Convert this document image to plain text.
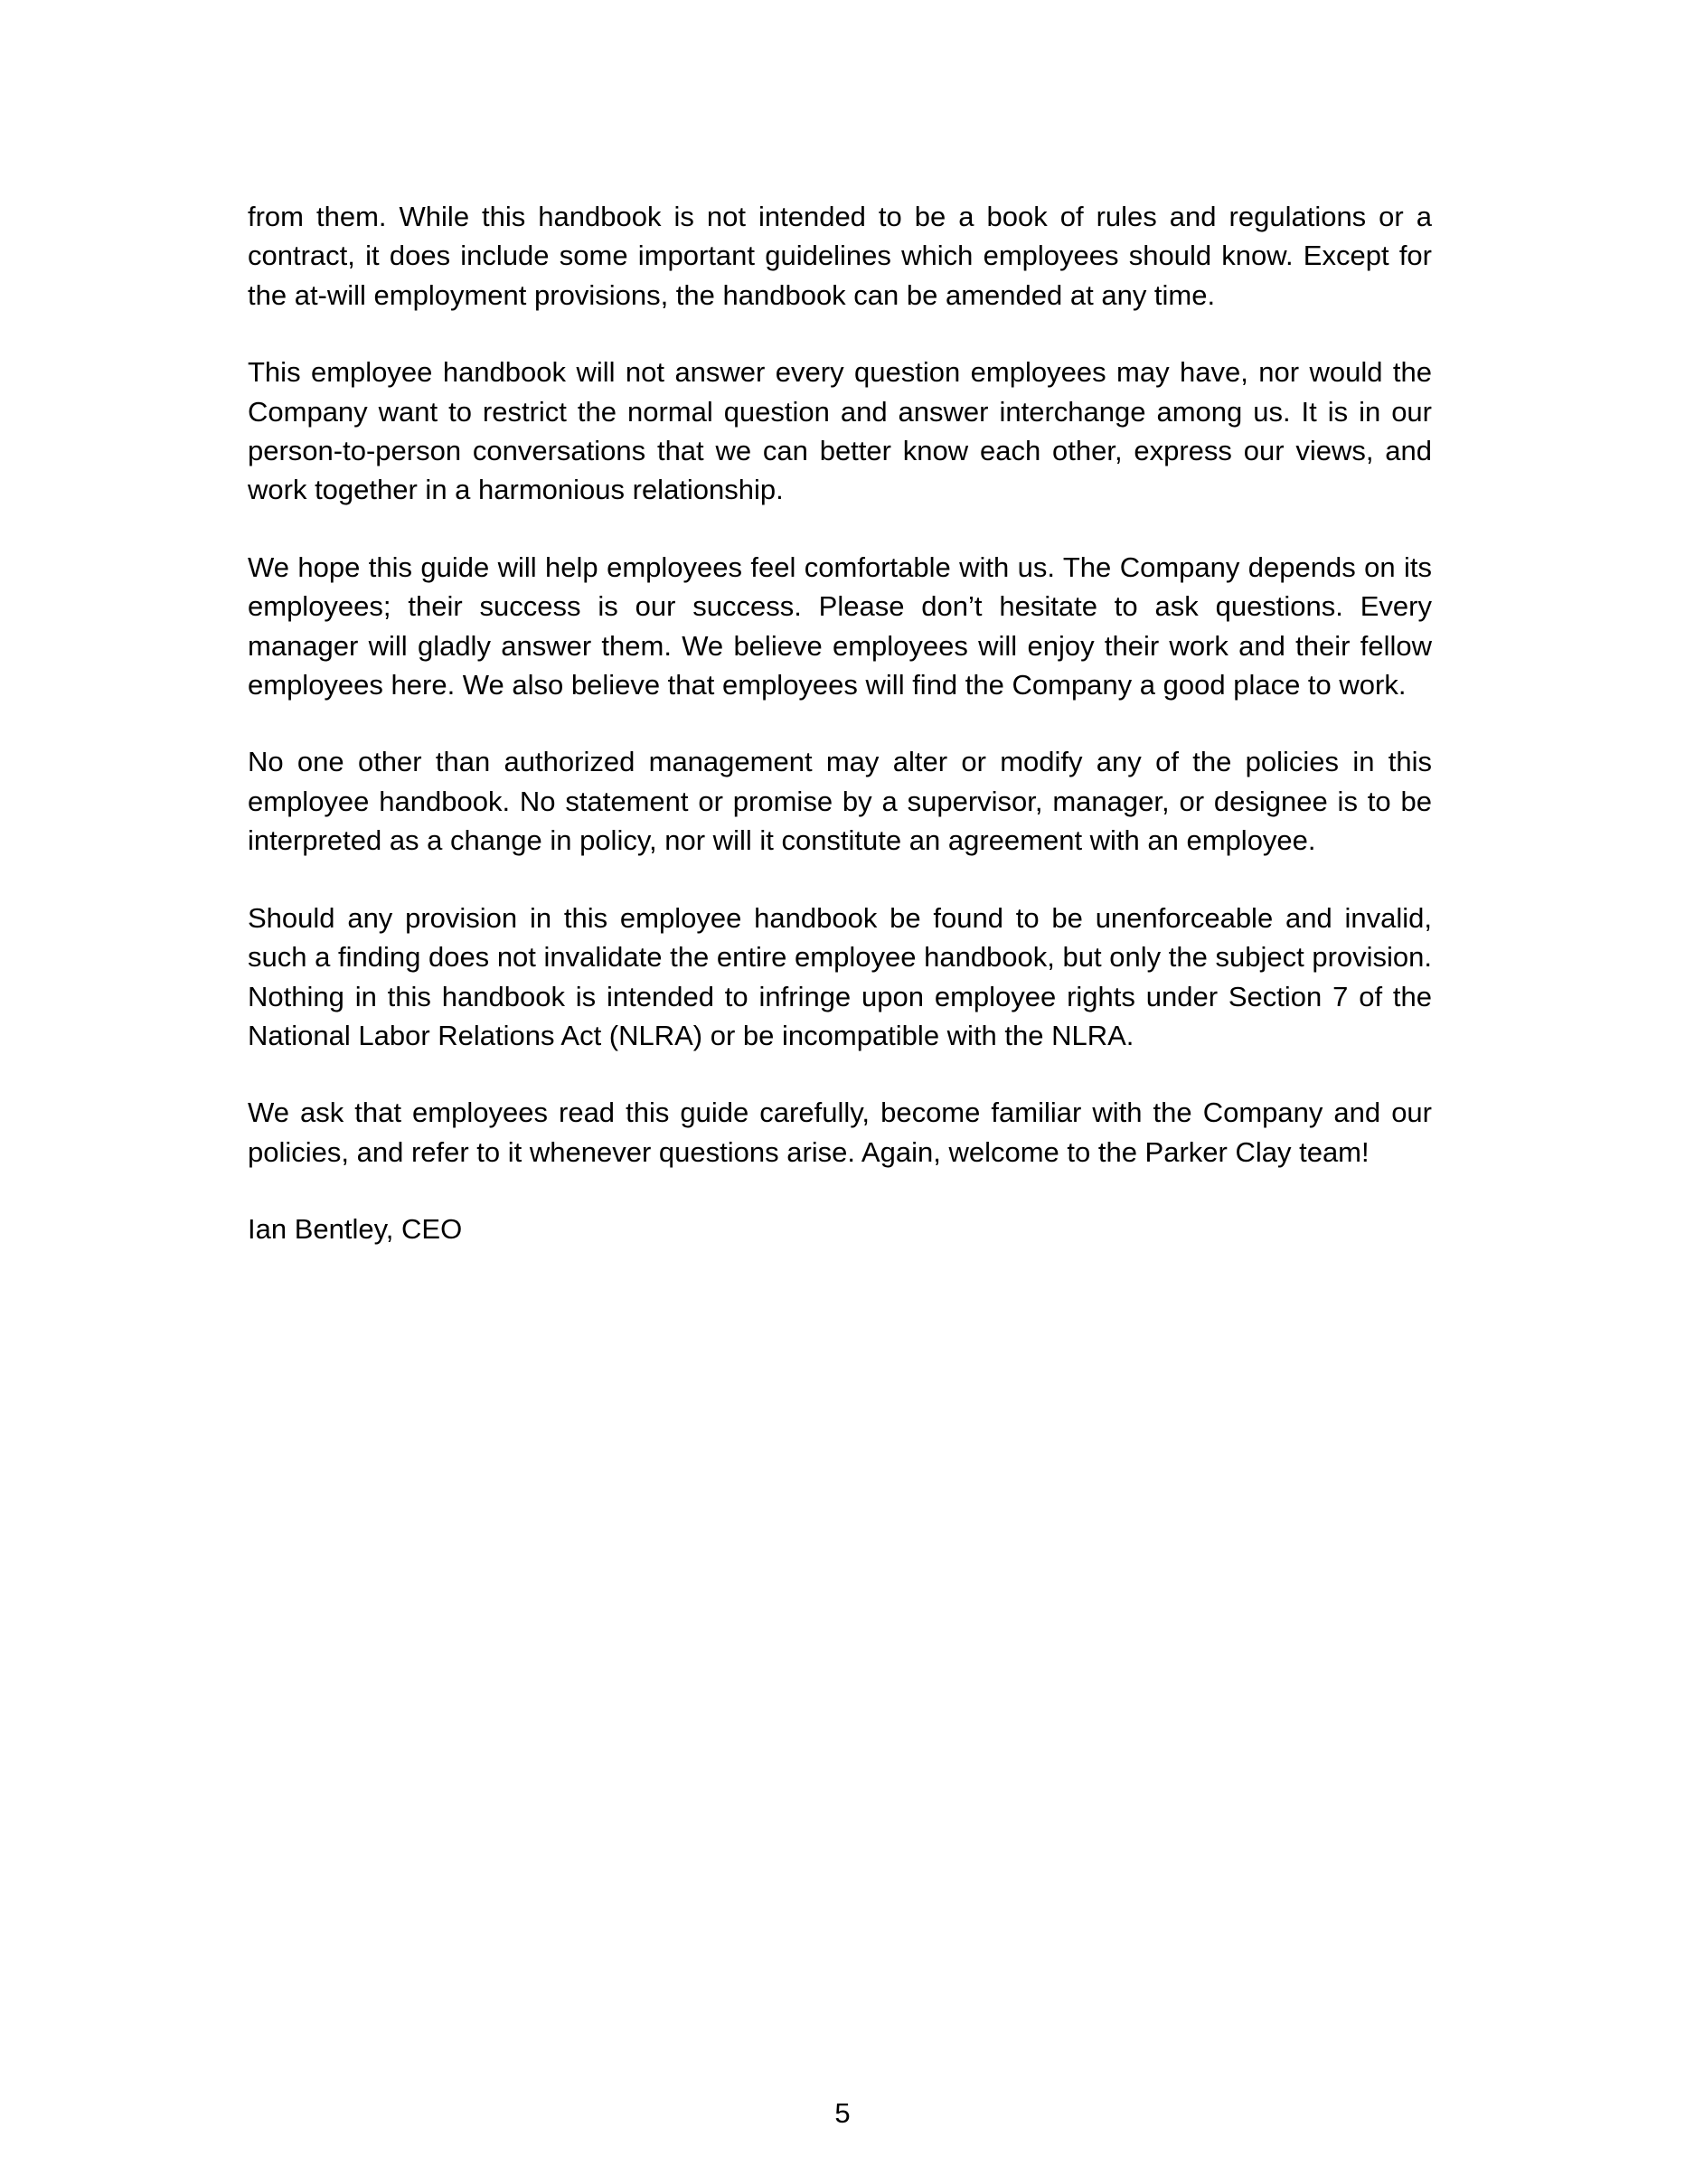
from them. While this handbook is not intended to be a book of rules and regulations or a contract, it does include some important guidelines which employees should know. Except for the at-will employment provisions, the handbook can be amended at any time.

This employee handbook will not answer every question employees may have, nor would the Company want to restrict the normal question and answer interchange among us. It is in our person-to-person conversations that we can better know each other, express our views, and work together in a harmonious relationship.

We hope this guide will help employees feel comfortable with us. The Company depends on its employees; their success is our success. Please don’t hesitate to ask questions. Every manager will gladly answer them. We believe employees will enjoy their work and their fellow employees here. We also believe that employees will find the Company a good place to work.

No one other than authorized management may alter or modify any of the policies in this employee handbook. No statement or promise by a supervisor, manager, or designee is to be interpreted as a change in policy, nor will it constitute an agreement with an employee.

Should any provision in this employee handbook be found to be unenforceable and invalid, such a finding does not invalidate the entire employee handbook, but only the subject provision. Nothing in this handbook is intended to infringe upon employee rights under Section 7 of the National Labor Relations Act (NLRA) or be incompatible with the NLRA.

We ask that employees read this guide carefully, become familiar with the Company and our policies, and refer to it whenever questions arise. Again, welcome to the Parker Clay team!

Ian Bentley, CEO

5
